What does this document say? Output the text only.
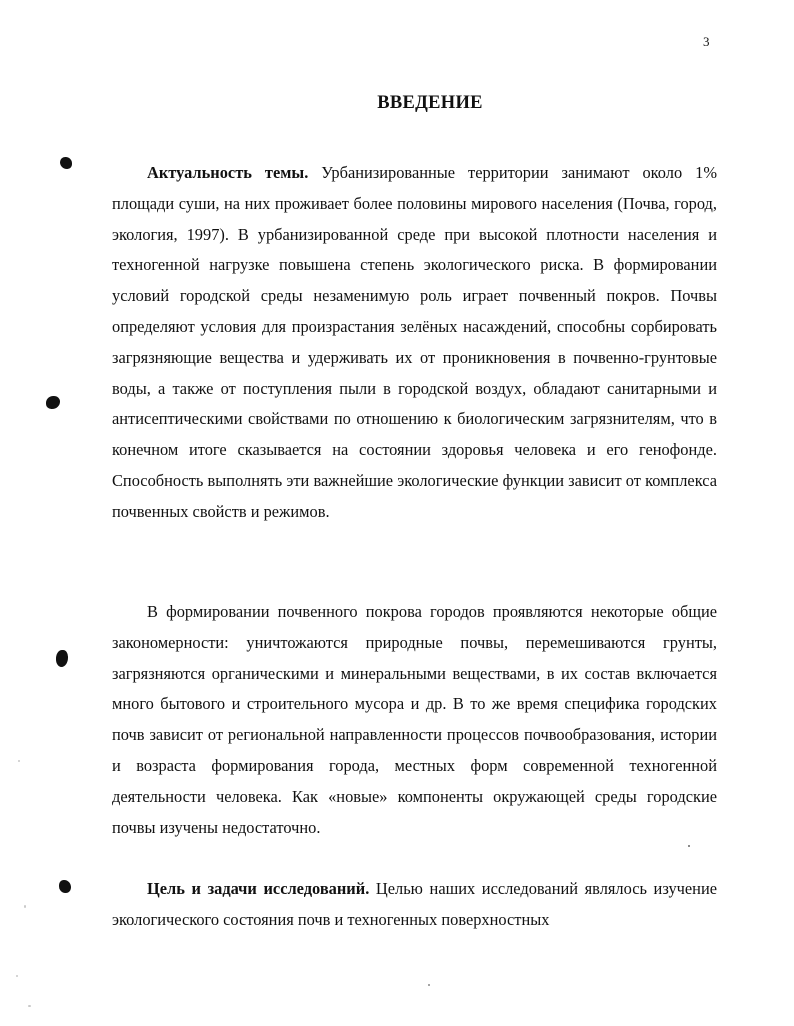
3
ВВЕДЕНИЕ

Актуальность темы. Урбанизированные территории занимают около 1% площади суши, на них проживает более половины мирового населения (Почва, город, экология, 1997). В урбанизированной среде при высокой плотности населения и техногенной нагрузке повышена степень экологического риска. В формировании условий городской среды незаменимую роль играет почвенный покров. Почвы определяют условия для произрастания зелёных насаждений, способны сорбировать загрязняющие вещества и удерживать их от проникновения в почвенно-грунтовые воды, а также от поступления пыли в городской воздух, обладают санитарными и антисептическими свойствами по отношению к биологическим загрязнителям, что в конечном итоге сказывается на состоянии здоровья человека и его генофонде. Способность выполнять эти важнейшие экологические функции зависит от комплекса почвенных свойств и режимов.

В формировании почвенного покрова городов проявляются некоторые общие закономерности: уничтожаются природные почвы, перемешиваются грунты, загрязняются органическими и минеральными веществами, в их состав включается много бытового и строительного мусора и др. В то же время специфика городских почв зависит от региональной направленности процессов почвообразования, истории и возраста формирования города, местных форм современной техногенной деятельности человека. Как «новые» компоненты окружающей среды городские почвы изучены недостаточно.

Цель и задачи исследований. Целью наших исследований являлось изучение экологического состояния почв и техногенных поверхностных
